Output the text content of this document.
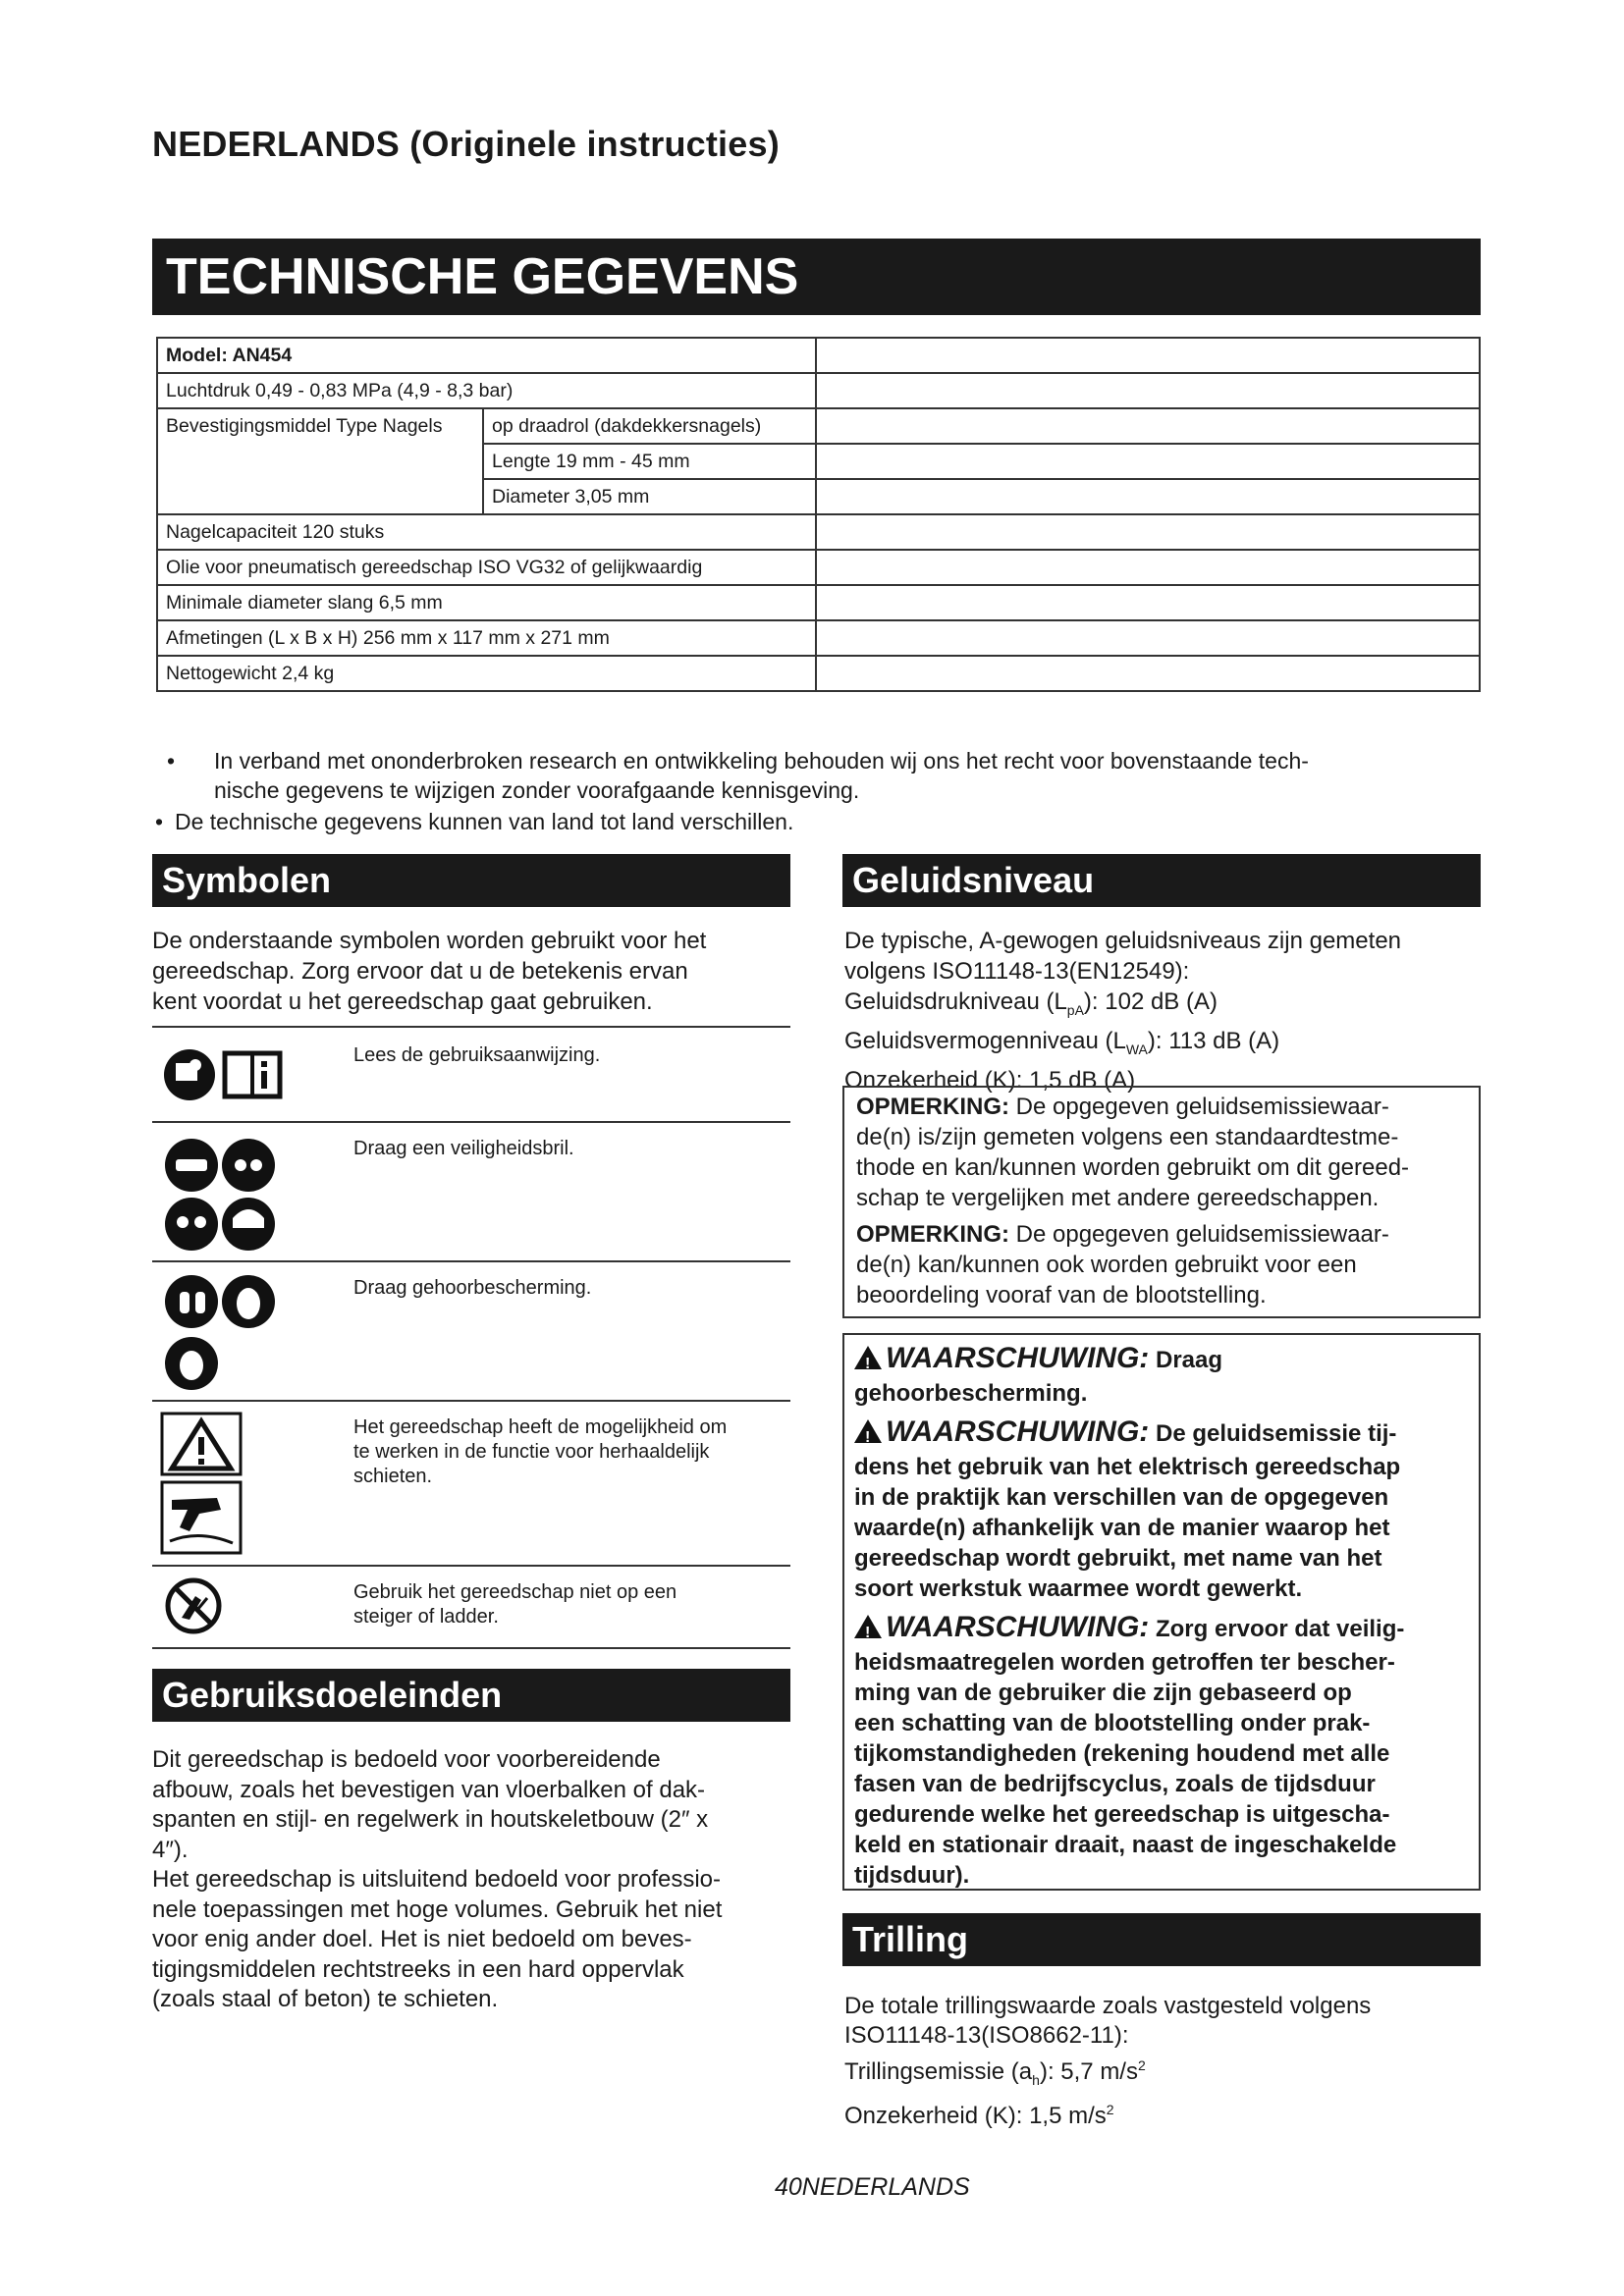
NEDERLANDS (Originele instructies)
TECHNISCHE GEGEVENS
Model: AN454		
Luchtdruk 0,49 - 0,83 MPa (4,9 - 8,3 bar)		
Bevestigingsmiddel Type Nagels	op draadrol (dakdekkersnagels)	
	Lengte 19 mm - 45 mm	
	Diameter 3,05 mm	
Nagelcapaciteit 120 stuks		
Olie voor pneumatisch gereedschap ISO VG32 of gelijkwaardig		
Minimale diameter slang 6,5 mm		
Afmetingen (L x B x H) 256 mm x 117 mm x 271 mm		
Nettogewicht 2,4 kg		
• In verband met ononderbroken research en ontwikkeling behouden wij ons het recht voor bovenstaande tech-
nische gegevens te wijzigen zonder voorafgaande kennisgeving.
• De technische gegevens kunnen van land tot land verschillen.
Symbolen
De onderstaande symbolen worden gebruikt voor het
gereedschap. Zorg ervoor dat u de betekenis ervan
kent voordat u het gereedschap gaat gebruiken.
Lees de gebruiksaanwijzing.
Draag een veiligheidsbril.
Draag gehoorbescherming.
Het gereedschap heeft de mogelijkheid om
te werken in de functie voor herhaaldelijk
schieten.
Gebruik het gereedschap niet op een
steiger of ladder.
Gebruiksdoeleinden
Dit gereedschap is bedoeld voor voorbereidende
afbouw, zoals het bevestigen van vloerbalken of dak-
spanten en stijl- en regelwerk in houtskeletbouw (2″ x
4″).
Het gereedschap is uitsluitend bedoeld voor professio-
nele toepassingen met hoge volumes. Gebruik het niet
voor enig ander doel. Het is niet bedoeld om beves-
tigingsmiddelen rechtstreeks in een hard oppervlak
(zoals staal of beton) te schieten.
Geluidsniveau
De typische, A-gewogen geluidsniveaus zijn gemeten
volgens ISO11148-13(EN12549):
Geluidsdrukniveau $(L_{pA})$: 102 dB (A)
Geluidsvermogenniveau $(L_{WA})$: 113 dB (A)
Onzekerheid (K): 1,5 dB (A)
OPMERKING: De opgegeven geluidsemissiewaar-
de(n) is/zijn gemeten volgens een standaardtestme-
thode en kan/kunnen worden gebruikt om dit gereed-
schap te vergelijken met andere gereedschappen.
OPMERKING: De opgegeven geluidsemissiewaar-
de(n) kan/kunnen ook worden gebruikt voor een
beoordeling vooraf van de blootstelling.
!WAARSCHUWING: Draag
gehoorbescherming.
!WAARSCHUWING: De geluidsemissie tij-
dens het gebruik van het elektrisch gereedschap
in de praktijk kan verschillen van de opgegeven
waarde(n) afhankelijk van de manier waarop het
gereedschap wordt gebruikt, met name van het
soort werkstuk waarmee wordt gewerkt.
!WAARSCHUWING: Zorg ervoor dat veilig-
heidsmaatregelen worden getroffen ter bescher-
ming van de gebruiker die zijn gebaseerd op
een schatting van de blootstelling onder prak-
tijkomstandigheden (rekening houdend met alle
fasen van de bedrijfscyclus, zoals de tijdsduur
gedurende welke het gereedschap is uitgescha-
keld en stationair draait, naast de ingeschakelde
tijdsduur).
Trilling
De totale trillingswaarde zoals vastgesteld volgens
ISO11148-13(ISO8662-11):
Trillingsemissie $(a_h)$: 5,7 $m/s^2$
Onzekerheid (K): 1,5 $m/s^2$
40NEDERLANDS
